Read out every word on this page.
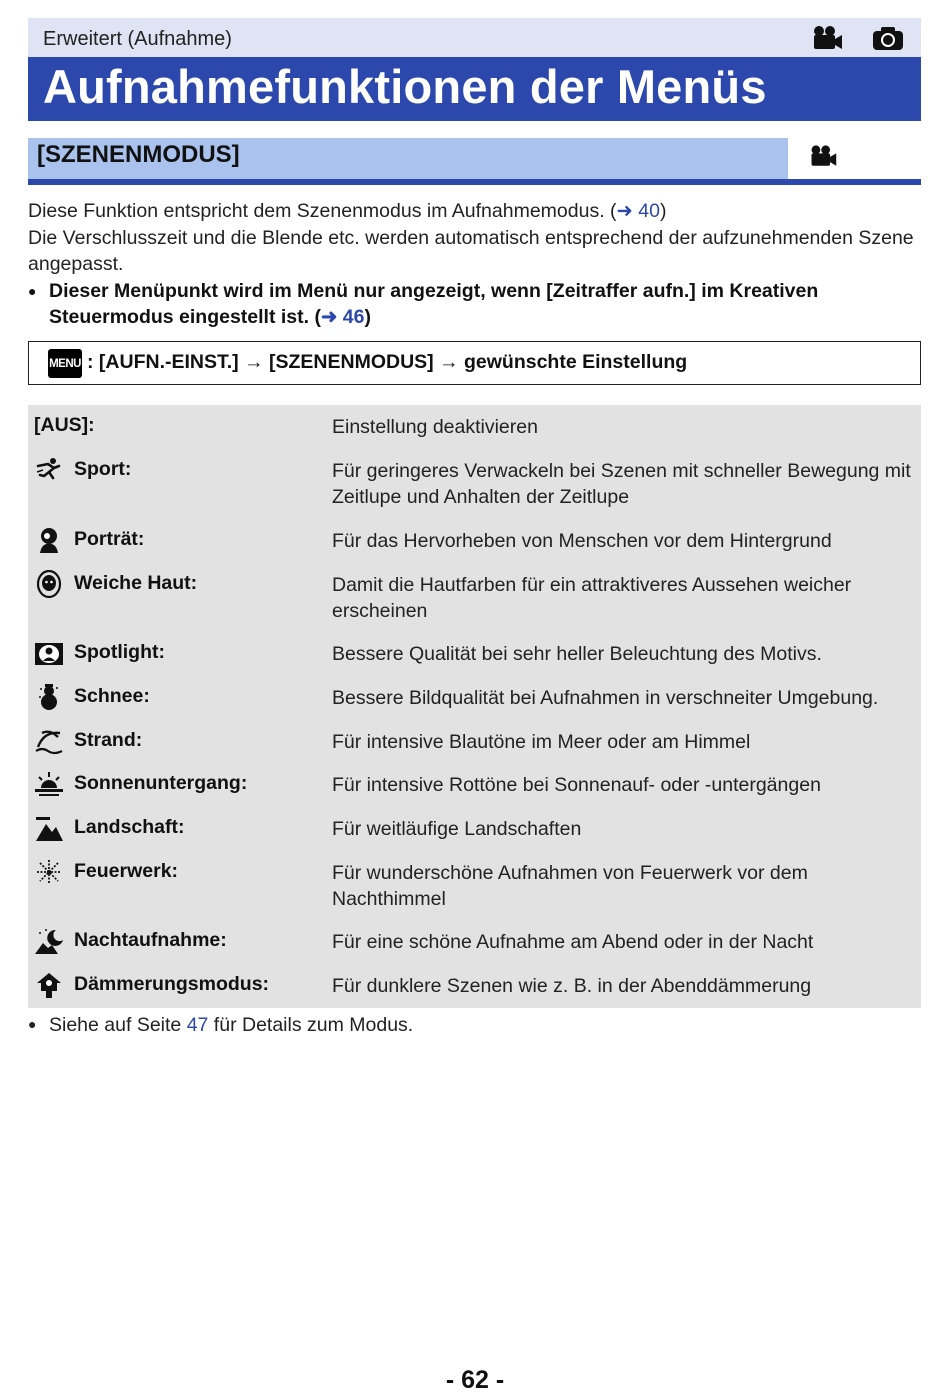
Erweitert (Aufnahme)
Aufnahmefunktionen der Menüs
[SZENENMODUS]

Diese Funktion entspricht dem Szenenmodus im Aufnahmemodus. (➜ 40)

Die Verschlusszeit und die Blende etc. werden automatisch entsprechend der aufzunehmenden Szene angepasst.

● Dieser Menüpunkt wird im Menü nur angezeigt, wenn [Zeitraffer aufn.] im Kreativen Steuermodus eingestellt ist. (➜ 46)

MENU : [AUFN.-EINST.] → [SZENENMODUS] → gewünschte Einstellung
[AUS]:	Einstellung deaktivieren
Sport:	Für geringeres Verwackeln bei Szenen mit schneller Bewegung mit Zeitlupe und Anhalten der Zeitlupe
Porträt:	Für das Hervorheben von Menschen vor dem Hintergrund
Weiche Haut:	Damit die Hautfarben für ein attraktiveres Aussehen weicher erscheinen
Spotlight:	Bessere Qualität bei sehr heller Beleuchtung des Motivs.
Schnee:	Bessere Bildqualität bei Aufnahmen in verschneiter Umgebung.
Strand:	Für intensive Blautöne im Meer oder am Himmel
Sonnenuntergang:	Für intensive Rottöne bei Sonnenauf- oder -untergängen
Landschaft:	Für weitläufige Landschaften
Feuerwerk:	Für wunderschöne Aufnahmen von Feuerwerk vor dem Nachthimmel
Nachtaufnahme:	Für eine schöne Aufnahme am Abend oder in der Nacht
Dämmerungsmodus:	Für dunklere Szenen wie z. B. in der Abenddämmerung
● Siehe auf Seite 47 für Details zum Modus.
- 62 -
